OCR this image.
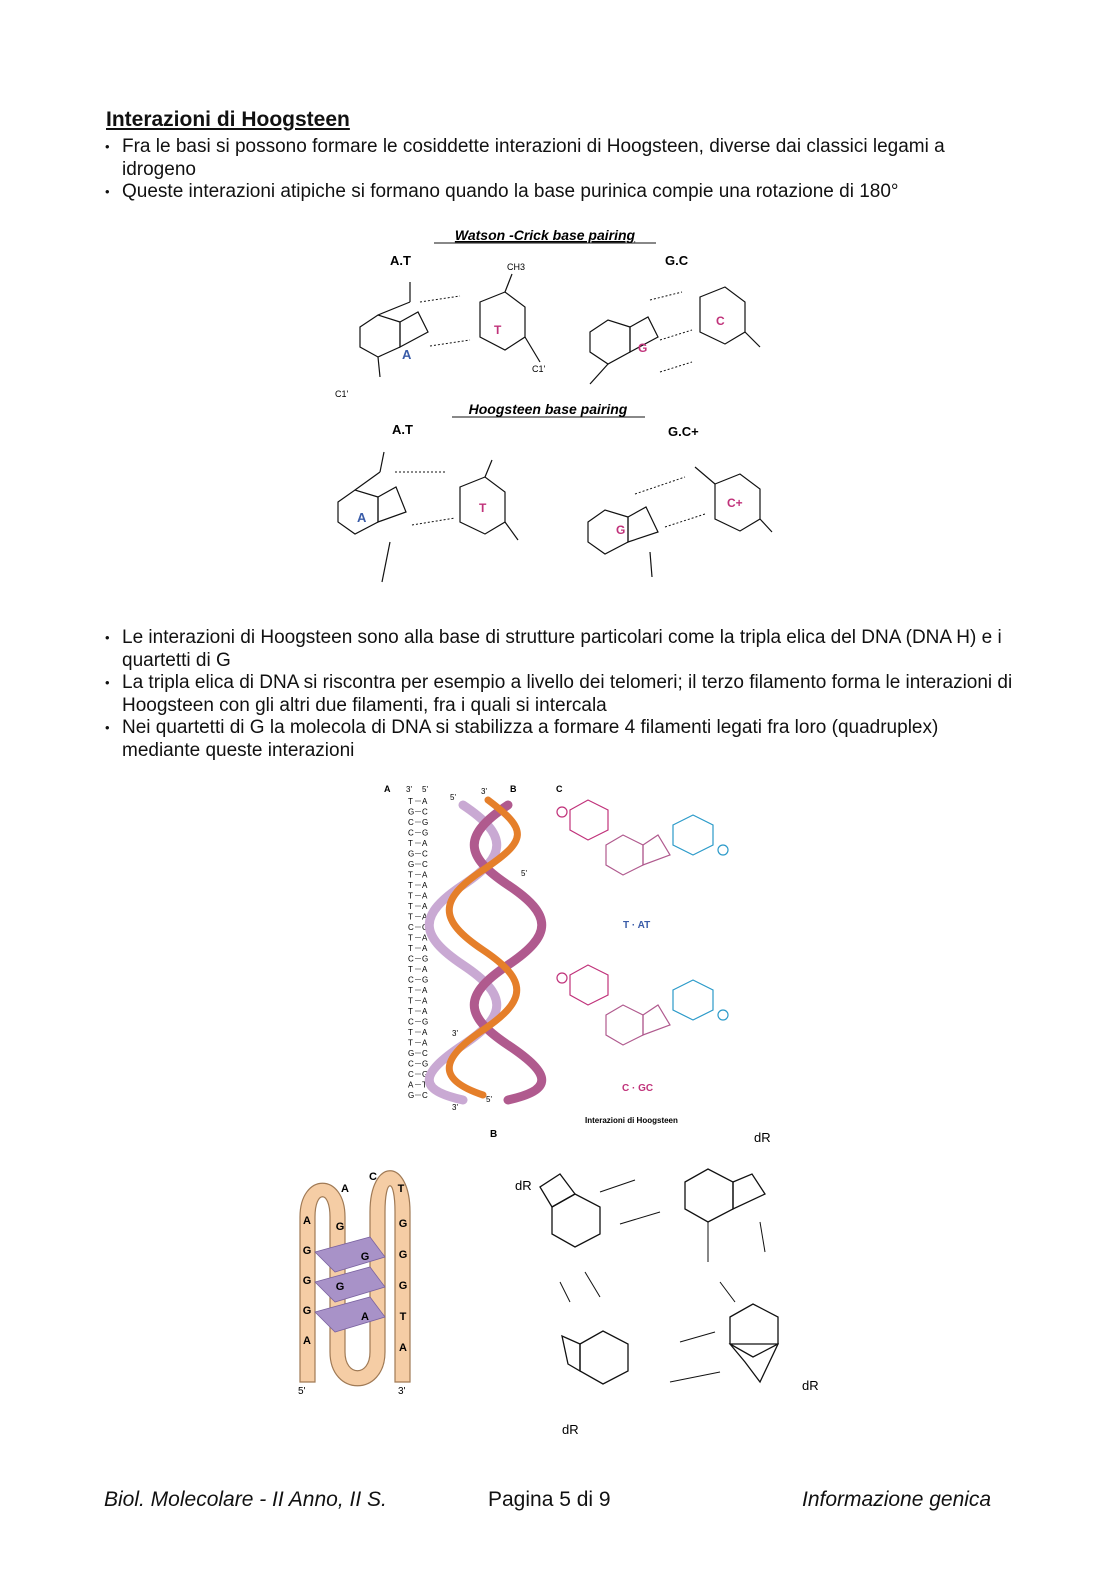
Interazioni di Hoogsteen
• Fra le basi si possono formare le cosiddette interazioni di Hoogsteen, diverse dai classici legami a idrogeno
• Queste interazioni atipiche si formano quando la base purinica compie una rotazione di 180°
Watson -Crick base pairing
A.T	G.C
A
T
CH3
C1'
C1'
G
C
Hoogsteen base pairing
A.T	G.C+
A
T
G
C+
• Le interazioni di Hoogsteen sono alla base di strutture particolari come la tripla elica del DNA (DNA H) e i quartetti di G
• La tripla elica di DNA si riscontra per esempio a livello dei telomeri; il terzo filamento forma le interazioni di Hoogsteen con gli altri due filamenti, fra i quali si intercala
• Nei quartetti di G la molecola di DNA si stabilizza a formare 4 filamenti legati fra loro (quadruplex) mediante queste interazioni
A	B	C
3' 5'
T A
G C
C G
C G
T A
G C
G C
T A
T A
T A
T A
T A
C G
T A
T A
C G
T A
C G
T A
T A
T A
C G
T A
T A
G C
C G
C G
A T
G C
5'
3'
5'
3'
5'
3'
T · AT
C · GC
B
Interazioni di Hoogsteen
A
G
G
G
A
A
C
T
G
G
G
T
A
G
G
G
A
5'	3'
dR
dR
dR
dR
Biol. Molecolare - II Anno, II S.	Pagina 5 di 9	Informazione genica
